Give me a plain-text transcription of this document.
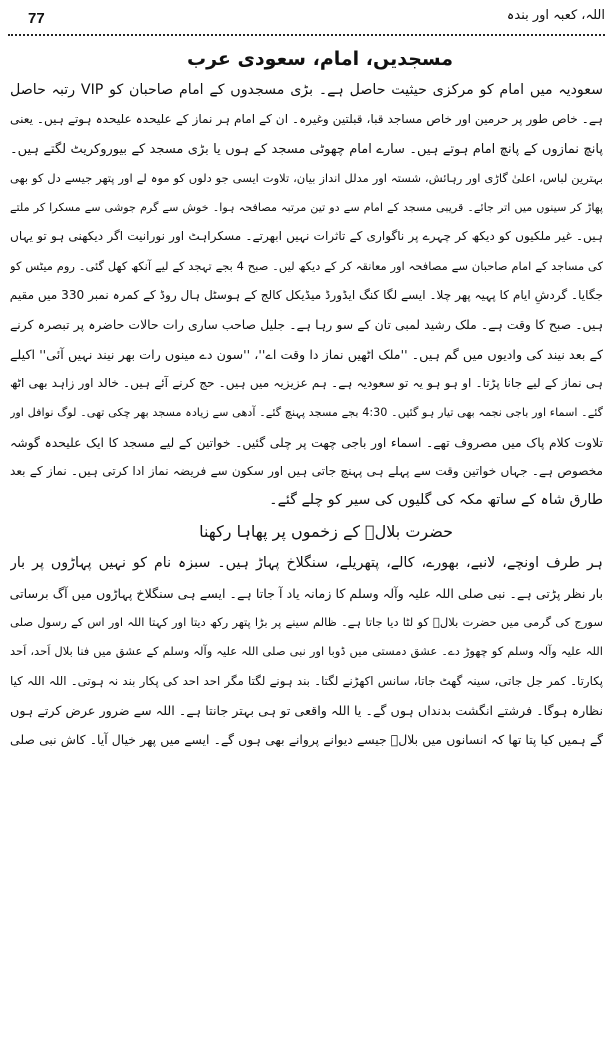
77	اللہ، کعبہ اور بندہ
مسجدیں، امام، سعودی عرب
سعودیہ میں امام کو مرکزی حیثیت حاصل ہے۔ بڑی مسجدوں کے امام صاحبان کو VIP رتبہ حاصل
ہے۔ خاص طور پر حرمین اور خاص مساجد قبا، قبلتین وغیرہ۔ ان کے امام ہر نماز کے علیحدہ علیحدہ ہوتے ہیں۔ یعنی
پانچ نمازوں کے پانچ امام ہوتے ہیں۔ سارے امام چھوٹی مسجد کے ہوں یا بڑی مسجد کے بیوروکریٹ لگتے ہیں۔
بہترین لباس، اعلیٰ گاڑی اور رہائش، شستہ اور مدلل انداز بیان، تلاوت ایسی جو دلوں کو موہ لے اور پتھر جیسے دل کو بھی
پھاڑ کر سینوں میں اتر جائے۔ قریبی مسجد کے امام سے دو تین مرتبہ مصافحہ ہوا۔ خوش سے گرم جوشی سے مسکرا کر ملتے
ہیں۔ غیر ملکیوں کو دیکھ کر چہرے پر ناگواری کے تاثرات نہیں ابھرتے۔ مسکراہٹ اور نورانیت اگر دیکھنی ہو تو یہاں
کی مساجد کے امام صاحبان سے مصافحہ اور معانقہ کر کے دیکھ لیں۔ صبح 4 بجے تہجد کے لیے آنکھ کھل گئی۔ روم میٹس کو
جگایا۔ گردشِ ایام کا پہیہ پھر چلا۔ ایسے لگا کنگ ایڈورڈ میڈیکل کالج کے ہوسٹل ہال روڈ کے کمرہ نمبر 330 میں مقیم
ہیں۔ صبح کا وقت ہے۔ ملک رشید لمبی تان کے سو رہا ہے۔ جلیل صاحب ساری رات حالات حاضرہ پر تبصرہ کرنے
کے بعد نیند کی وادیوں میں گم ہیں۔ ''ملک اٹھیں نماز دا وقت اے''، ''سون دے مینوں رات بھر نیند نہیں آئی'' اکیلے
ہی نماز کے لیے جانا پڑتا۔ او ہو ہو یہ تو سعودیہ ہے۔ ہم عزیزیہ میں ہیں۔ حج کرنے آئے ہیں۔ خالد اور زاہد بھی اٹھ
گئے۔ اسماء اور باجی نجمہ بھی تیار ہو گئیں۔ 4:30 بجے مسجد پہنچ گئے۔ آدھی سے زیادہ مسجد بھر چکی تھی۔ لوگ نوافل اور
تلاوت کلام پاک میں مصروف تھے۔ اسماء اور باجی چھت پر چلی گئیں۔ خواتین کے لیے مسجد کا ایک علیحدہ گوشہ
مخصوص ہے۔ جہاں خواتین وقت سے پہلے ہی پہنچ جاتی ہیں اور سکون سے فریضہ نماز ادا کرتی ہیں۔ نماز کے بعد
طارق شاہ کے ساتھ مکہ کی گلیوں کی سیر کو چلے گئے۔
حضرت بلالؓ کے زخموں پر پھاہا رکھنا
ہر طرف اونچے، لانبے، بھورے، کالے، پتھریلے، سنگلاخ پہاڑ ہیں۔ سبزہ نام کو نہیں پہاڑوں پر بار
بار نظر پڑتی ہے۔ نبی صلی اللہ علیہ وآلہ وسلم کا زمانہ یاد آ جاتا ہے۔ ایسے ہی سنگلاخ پہاڑوں میں آگ برساتی
سورج کی گرمی میں حضرت بلالؓ کو لٹا دیا جاتا ہے۔ ظالم سینے پر بڑا پتھر رکھ دیتا اور کہتا اللہ اور اس کے رسول صلی
اللہ علیہ وآلہ وسلم کو چھوڑ دے۔ عشق دمستی میں ڈوبا اور نبی صلی اللہ علیہ وآلہ وسلم کے عشق میں فنا بلال اَحد، اَحد
پکارتا۔ کمر جل جاتی، سینہ گھٹ جاتا، سانس اکھڑنے لگتا۔ بند ہونے لگتا مگر احد احد کی پکار بند نہ ہوتی۔ اللہ اللہ کیا
نظارہ ہوگا۔ فرشتے انگشت بدنداں ہوں گے۔ یا اللہ واقعی تو ہی بہتر جانتا ہے۔ اللہ سے ضرور عرض کرتے ہوں
گے ہمیں کیا پتا تھا کہ انسانوں میں بلالؓ جیسے دیوانے پروانے بھی ہوں گے۔ ایسے میں پھر خیال آیا۔ کاش نبی صلی
